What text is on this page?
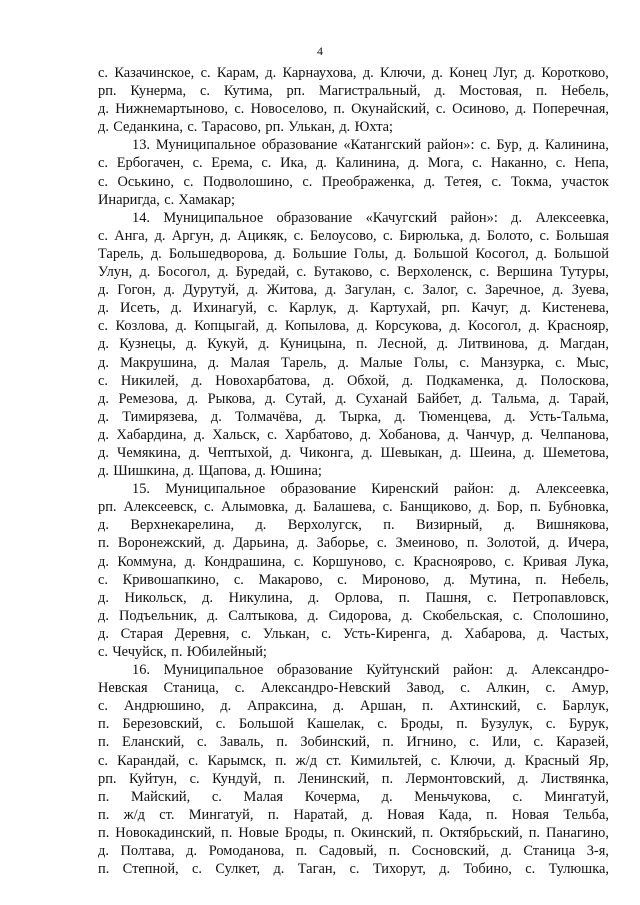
4
с. Казачинское, с. Карам, д. Карнаухова, д. Ключи, д. Конец Луг, д. Коротково,
рп. Кунерма, с. Кутима, рп. Магистральный, д. Мостовая, п. Небель,
д. Нижнемартыново, с. Новоселово, п. Окунайский, с. Осиново, д. Поперечная,
д. Седанкина, с. Тарасово, рп. Улькан, д. Юхта;
13. Муниципальное образование «Катангский район»: с. Бур, д. Калинина,
с. Ербогачен, с. Ерема, с. Ика, д. Калинина, д. Мога, с. Наканно, с. Непа,
с. Оськино, с. Подволошино, с. Преображенка, д. Тетея, с. Токма, участок
Инаригда, с. Хамакар;
14. Муниципальное образование «Качугский район»: д. Алексеевка,
с. Анга, д. Аргун, д. Ацикяк, с. Белоусово, с. Бирюлька, д. Болото, с. Большая
Тарель, д. Большедворова, д. Большие Голы, д. Большой Косогол, д. Большой
Улун, д. Босогол, д. Буредай, с. Бутаково, с. Верхоленск, с. Вершина Тутуры,
д. Гогон, д. Дурутуй, д. Житова, д. Загулан, с. Залог, с. Заречное, д. Зуева,
д. Исеть, д. Ихинагуй, с. Карлук, д. Картухай, рп. Качуг, д. Кистенева,
с. Козлова, д. Копцыгай, д. Копылова, д. Корсукова, д. Косогол, д. Краснояр,
д. Кузнецы, д. Кукуй, д. Куницына, п. Лесной, д. Литвинова, д. Магдан,
д. Макрушина, д. Малая Тарель, д. Малые Голы, с. Манзурка, с. Мыс,
с. Никилей, д. Новохарбатова, д. Обхой, д. Подкаменка, д. Полоскова,
д. Ремезова, д. Рыкова, д. Сутай, д. Суханай Байбет, д. Тальма, д. Тарай,
д. Тимирязева, д. Толмачёва, д. Тырка, д. Тюменцева, д. Усть-Тальма,
д. Хабардина, д. Хальск, с. Харбатово, д. Хобанова, д. Чанчур, д. Челпанова,
д. Чемякина, д. Чептыхой, д. Чиконга, д. Шевыкан, д. Шеина, д. Шеметова,
д. Шишкина, д. Щапова, д. Юшина;
15. Муниципальное образование Киренский район: д. Алексеевка,
рп. Алексеевск, с. Алымовка, д. Балашева, с. Банщиково, д. Бор, п. Бубновка,
д. Верхнекарелина, д. Верхолугск, п. Визирный, д. Вишнякова,
п. Воронежский, д. Дарьина, д. Заборье, с. Змеиново, п. Золотой, д. Ичера,
д. Коммуна, д. Кондрашина, с. Коршуново, с. Красноярово, с. Кривая Лука,
с. Кривошапкино, с. Макарово, с. Мироново, д. Мутина, п. Небель,
д. Никольск, д. Никулина, д. Орлова, п. Пашня, с. Петропавловск,
д. Подъельник, д. Салтыкова, д. Сидорова, д. Скобельская, с. Сполошино,
д. Старая Деревня, с. Улькан, с. Усть-Киренга, д. Хабарова, д. Частых,
с. Чечуйск, п. Юбилейный;
16. Муниципальное образование Куйтунский район: д. Александро-
Невская Станица, с. Александро-Невский Завод, с. Алкин, с. Амур,
с. Андрюшино, д. Апраксина, д. Аршан, п. Ахтинский, с. Барлук,
п. Березовский, с. Большой Кашелак, с. Броды, п. Бузулук, с. Бурук,
п. Еланский, с. Заваль, п. Зобинский, п. Игнино, с. Или, с. Каразей,
с. Карандай, с. Карымск, п. ж/д ст. Кимильтей, с. Ключи, д. Красный Яр,
рп. Куйтун, с. Кундуй, п. Ленинский, п. Лермонтовский, д. Листвянка,
п. Майский, с. Малая Кочерма, д. Меньчукова, с. Мингатуй,
п. ж/д ст. Мингатуй, п. Наратай, д. Новая Када, п. Новая Тельба,
п. Новокадинский, п. Новые Броды, п. Окинский, п. Октябрьский, п. Панагино,
д. Полтава, д. Ромоданова, п. Садовый, п. Сосновский, д. Станица 3-я,
п. Степной, с. Сулкет, д. Таган, с. Тихорут, д. Тобино, с. Тулюшка,
